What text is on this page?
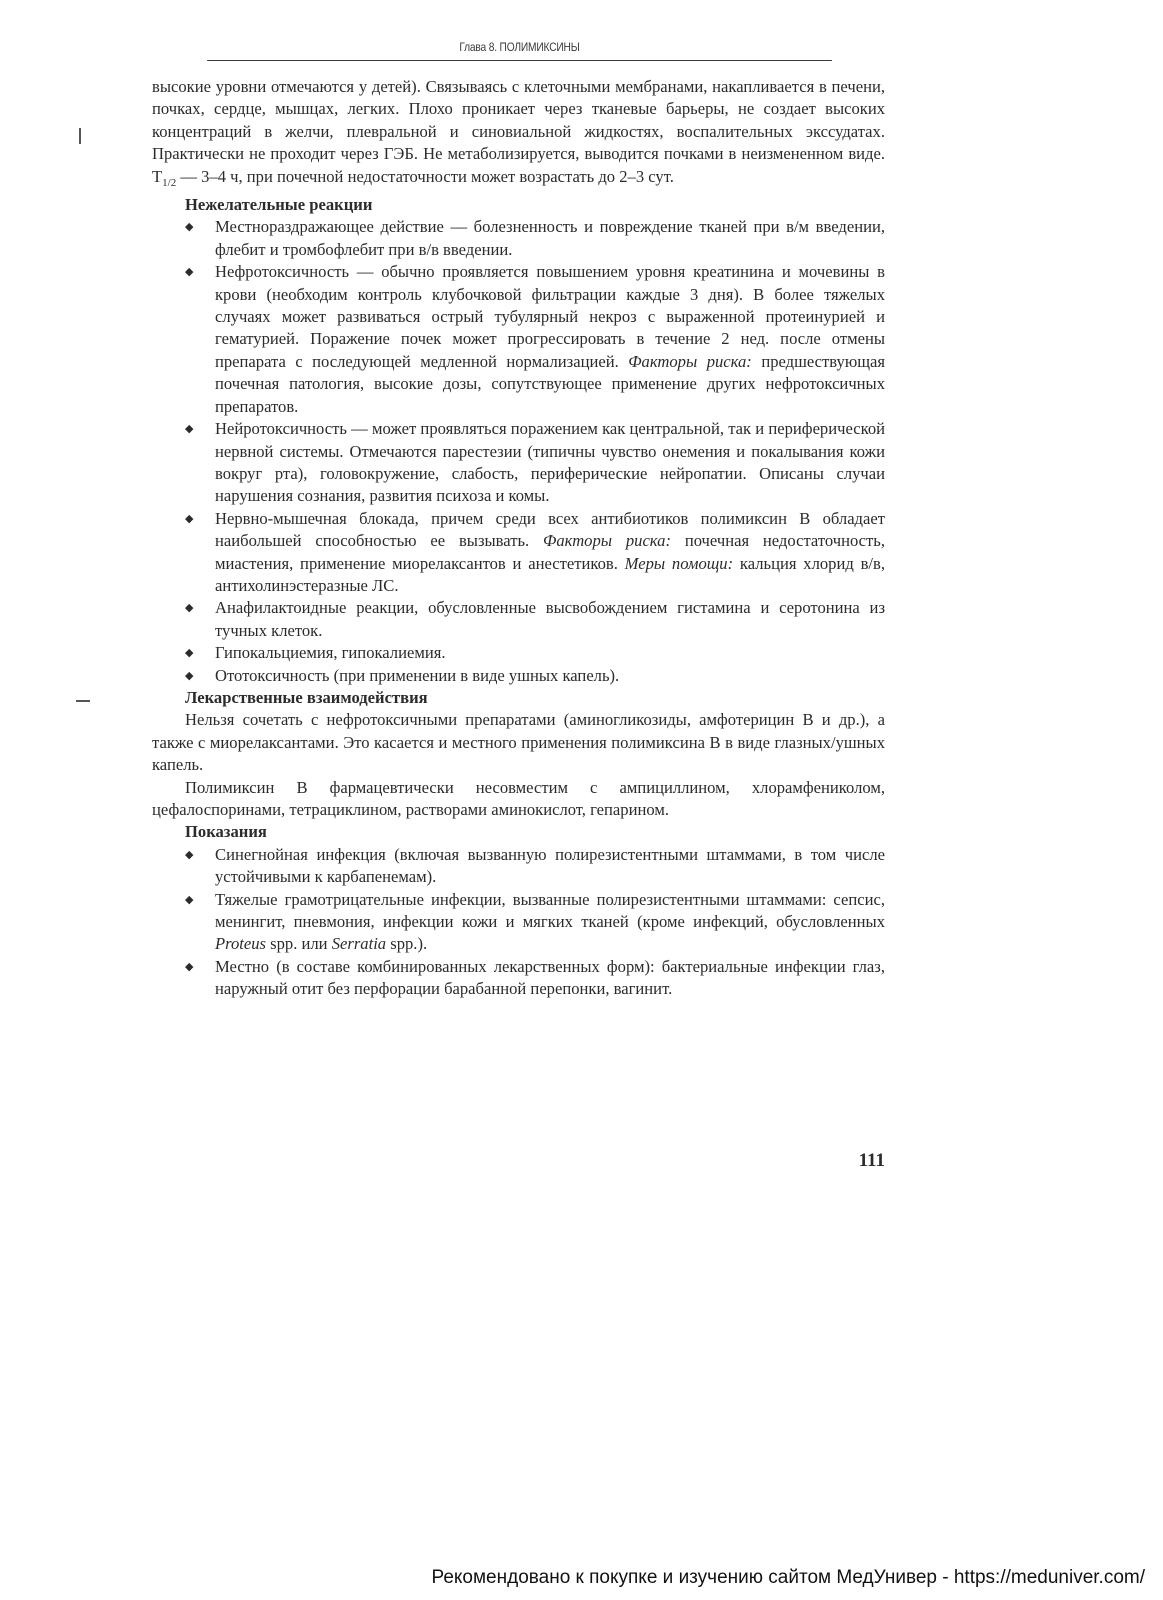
Глава 8. ПОЛИМИКСИНЫ

высокие уровни отмечаются у детей). Связываясь с клеточными мембранами, накапливается в печени, почках, сердце, мышцах, легких. Плохо проникает через тканевые барьеры, не создает высоких концентраций в желчи, плевральной и синовиальной жидкостях, воспалительных экссудатах. Практически не проходит через ГЭБ. Не метаболизируется, выводится почками в неизмененном виде. $Т_{1/2}$ — 3–4 ч, при почечной недостаточности может возрастать до 2–3 сут.

Нежелательные реакции

◆ Местнораздражающее действие — болезненность и повреждение тканей при в/м введении, флебит и тромбофлебит при в/в введении.
◆ Нефротоксичность — обычно проявляется повышением уровня креатинина и мочевины в крови (необходим контроль клубочковой фильтрации каждые 3 дня). В более тяжелых случаях может развиваться острый тубулярный некроз с выраженной протеинурией и гематурией. Поражение почек может прогрессировать в течение 2 нед. после отмены препарата с последующей медленной нормализацией. Факторы риска: предшествующая почечная патология, высокие дозы, сопутствующее применение других нефротоксичных препаратов.
◆ Нейротоксичность — может проявляться поражением как центральной, так и периферической нервной системы. Отмечаются парестезии (типичны чувство онемения и покалывания кожи вокруг рта), головокружение, слабость, периферические нейропатии. Описаны случаи нарушения сознания, развития психоза и комы.
◆ Нервно-мышечная блокада, причем среди всех антибиотиков полимиксин В обладает наибольшей способностью ее вызывать. Факторы риска: почечная недостаточность, миастения, применение миорелаксантов и анестетиков. Меры помощи: кальция хлорид в/в, антихолинэстеразные ЛС.
◆ Анафилактоидные реакции, обусловленные высвобождением гистамина и серотонина из тучных клеток.
◆ Гипокальциемия, гипокалиемия.
◆ Ототоксичность (при применении в виде ушных капель).

Лекарственные взаимодействия

Нельзя сочетать с нефротоксичными препаратами (аминогликозиды, амфотерицин В и др.), а также с миорелаксантами. Это касается и местного применения полимиксина В в виде глазных/ушных капель.

Полимиксин В фармацевтически несовместим с ампициллином, хлорамфениколом, цефалоспоринами, тетрациклином, растворами аминокислот, гепарином.

Показания

◆ Синегнойная инфекция (включая вызванную полирезистентными штаммами, в том числе устойчивыми к карбапенемам).
◆ Тяжелые грамотрицательные инфекции, вызванные полирезистентными штаммами: сепсис, менингит, пневмония, инфекции кожи и мягких тканей (кроме инфекций, обусловленных Proteus spp. или Serratia spp.).
◆ Местно (в составе комбинированных лекарственных форм): бактериальные инфекции глаз, наружный отит без перфорации барабанной перепонки, вагинит.
111
Рекомендовано к покупке и изучению сайтом МедУнивер - https://meduniver.com/
